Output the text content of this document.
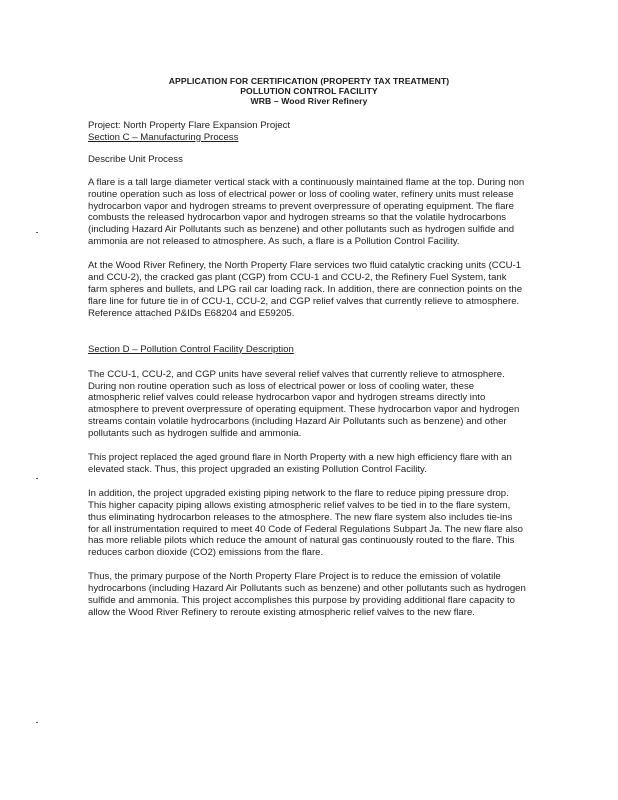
APPLICATION FOR CERTIFICATION (PROPERTY TAX TREATMENT)
POLLUTION CONTROL FACILITY
WRB – Wood River Refinery

Project: North Property Flare Expansion Project

Section C – Manufacturing Process

Describe Unit Process

A flare is a tall large diameter vertical stack with a continuously maintained flame at the top. During non routine operation such as loss of electrical power or loss of cooling water, refinery units must release hydrocarbon vapor and hydrogen streams to prevent overpressure of operating equipment. The flare combusts the released hydrocarbon vapor and hydrogen streams so that the volatile hydrocarbons (including Hazard Air Pollutants such as benzene) and other pollutants such as hydrogen sulfide and ammonia are not released to atmosphere. As such, a flare is a Pollution Control Facility.

At the Wood River Refinery, the North Property Flare services two fluid catalytic cracking units (CCU-1 and CCU-2), the cracked gas plant (CGP) from CCU-1 and CCU-2, the Refinery Fuel System, tank farm spheres and bullets, and LPG rail car loading rack. In addition, there are connection points on the flare line for future tie in of CCU-1, CCU-2, and CGP relief valves that currently relieve to atmosphere. Reference attached P&IDs E68204 and E59205.

Section D – Pollution Control Facility Description

The CCU-1, CCU-2, and CGP units have several relief valves that currently relieve to atmosphere. During non routine operation such as loss of electrical power or loss of cooling water, these atmospheric relief valves could release hydrocarbon vapor and hydrogen streams directly into atmosphere to prevent overpressure of operating equipment. These hydrocarbon vapor and hydrogen streams contain volatile hydrocarbons (including Hazard Air Pollutants such as benzene) and other pollutants such as hydrogen sulfide and ammonia.

This project replaced the aged ground flare in North Property with a new high efficiency flare with an elevated stack. Thus, this project upgraded an existing Pollution Control Facility.

In addition, the project upgraded existing piping network to the flare to reduce piping pressure drop. This higher capacity piping allows existing atmospheric relief valves to be tied in to the flare system, thus eliminating hydrocarbon releases to the atmosphere. The new flare system also includes tie-ins for all instrumentation required to meet 40 Code of Federal Regulations Subpart Ja. The new flare also has more reliable pilots which reduce the amount of natural gas continuously routed to the flare. This reduces carbon dioxide (CO2) emissions from the flare.

Thus, the primary purpose of the North Property Flare Project is to reduce the emission of volatile hydrocarbons (including Hazard Air Pollutants such as benzene) and other pollutants such as hydrogen sulfide and ammonia. This project accomplishes this purpose by providing additional flare capacity to allow the Wood River Refinery to reroute existing atmospheric relief valves to the new flare.
